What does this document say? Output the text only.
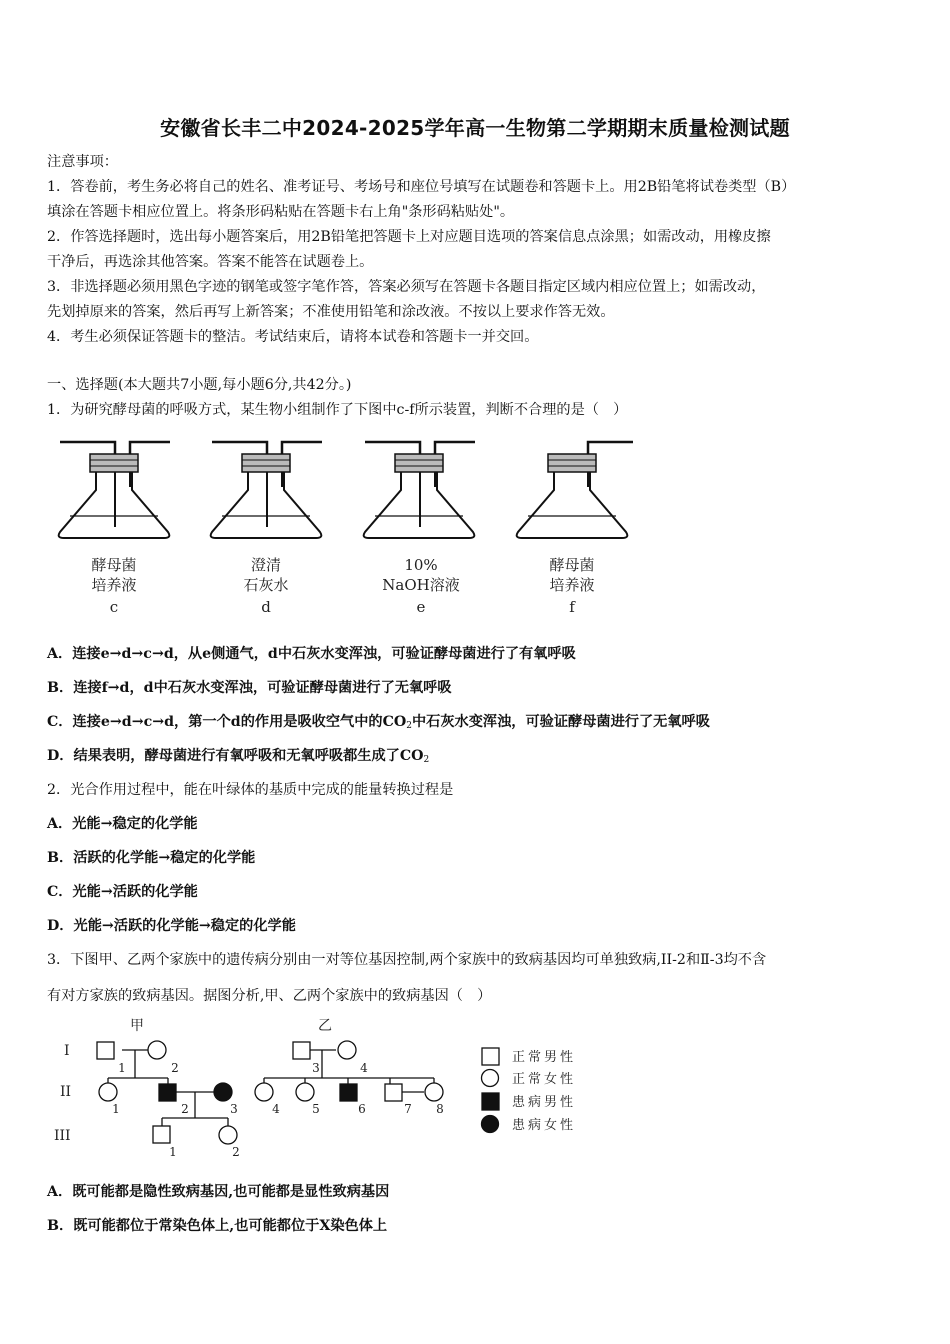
安徽省长丰二中2024-2025学年高一生物第二学期期末质量检测试题
注意事项：
1．答卷前，考生务必将自己的姓名、准考证号、考场号和座位号填写在试题卷和答题卡上。用2B铅笔将试卷类型（B）
填涂在答题卡相应位置上。将条形码粘贴在答题卡右上角"条形码粘贴处"。
2．作答选择题时，选出每小题答案后，用2B铅笔把答题卡上对应题目选项的答案信息点涂黑；如需改动，用橡皮擦
干净后，再选涂其他答案。答案不能答在试题卷上。
3．非选择题必须用黑色字迹的钢笔或签字笔作答，答案必须写在答题卡各题目指定区域内相应位置上；如需改动，
先划掉原来的答案，然后再写上新答案；不准使用铅笔和涂改液。不按以上要求作答无效。
4．考生必须保证答题卡的整洁。考试结束后，请将本试卷和答题卡一并交回。
一、选择题(本大题共7小题,每小题6分,共42分。)
1．为研究酵母菌的呼吸方式，某生物小组制作了下图中c-f所示装置，判断不合理的是（　）
酵母菌
培养液
c
澄清
石灰水
d
10%
NaOH溶液
e
酵母菌
培养液
f
A．连接e→d→c→d，从e侧通气，d中石灰水变浑浊，可验证酵母菌进行了有氧呼吸
B．连接f→d，d中石灰水变浑浊，可验证酵母菌进行了无氧呼吸
C．连接e→d→c→d，第一个d的作用是吸收空气中的$CO_2$中石灰水变浑浊，可验证酵母菌进行了无氧呼吸
D．结果表明，酵母菌进行有氧呼吸和无氧呼吸都生成了$CO_2$
2．光合作用过程中，能在叶绿体的基质中完成的能量转换过程是
A．光能→稳定的化学能
B．活跃的化学能→稳定的化学能
C．光能→活跃的化学能
D．光能→活跃的化学能→稳定的化学能
3．下图甲、乙两个家族中的遗传病分别由一对等位基因控制,两个家族中的致病基因均可单独致病,II-2和Ⅱ-3均不含
有对方家族的致病基因。据图分析,甲、乙两个家族中的致病基因（　）
甲	乙
I
II
III
1	2	3	4
1	2	3	4	5	6	7 8
1	2
正常男性
正常女性
患病男性
患病女性
A．既可能都是隐性致病基因,也可能都是显性致病基因
B．既可能都位于常染色体上,也可能都位于X染色体上
